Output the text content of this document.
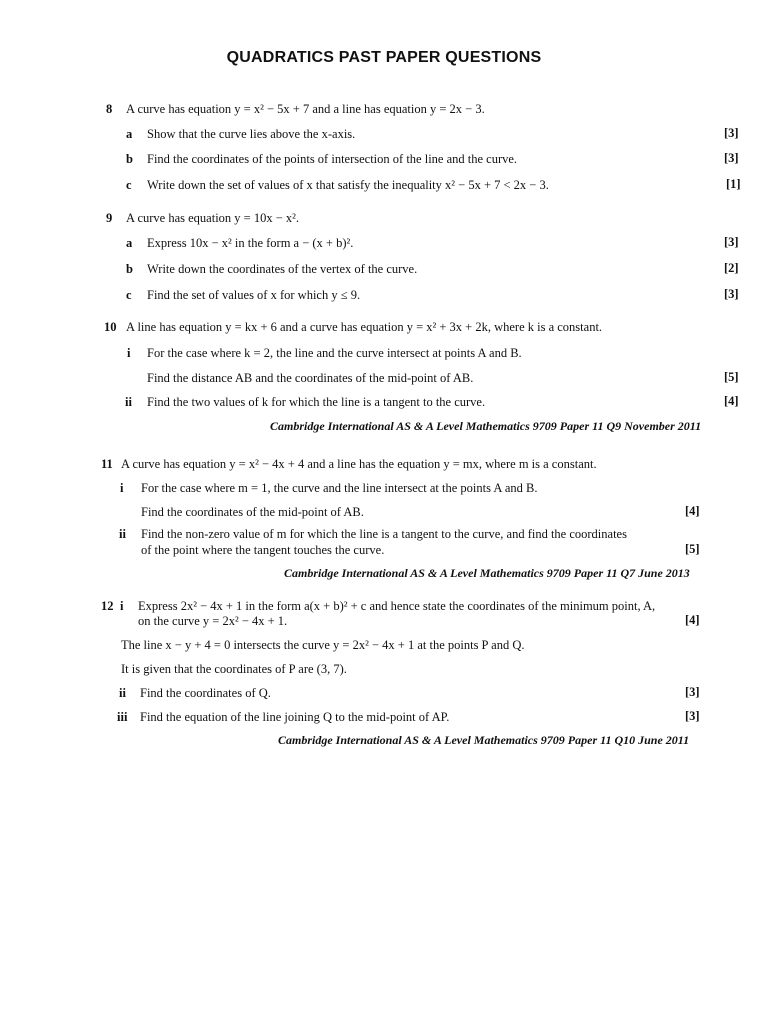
QUADRATICS PAST PAPER QUESTIONS
8 A curve has equation y = x² − 5x + 7 and a line has equation y = 2x − 3.
a Show that the curve lies above the x-axis.	[3]
b Find the coordinates of the points of intersection of the line and the curve.	[3]
c Write down the set of values of x that satisfy the inequality x² − 5x + 7 < 2x − 3.	[1]
9 A curve has equation y = 10x − x².
a Express 10x − x² in the form a − (x + b)².	[3]
b Write down the coordinates of the vertex of the curve.	[2]
c Find the set of values of x for which y ≤ 9.	[3]
10 A line has equation y = kx + 6 and a curve has equation y = x² + 3x + 2k, where k is a constant.
i For the case where k = 2, the line and the curve intersect at points A and B.
Find the distance AB and the coordinates of the mid-point of AB.	[5]
ii Find the two values of k for which the line is a tangent to the curve.	[4]
Cambridge International AS & A Level Mathematics 9709 Paper 11 Q9 November 2011
11 A curve has equation y = x² − 4x + 4 and a line has the equation y = mx, where m is a constant.
i For the case where m = 1, the curve and the line intersect at the points A and B.
Find the coordinates of the mid-point of AB.	[4]
ii Find the non-zero value of m for which the line is a tangent to the curve, and find the coordinates
of the point where the tangent touches the curve.	[5]
Cambridge International AS & A Level Mathematics 9709 Paper 11 Q7 June 2013
12 i Express 2x² − 4x + 1 in the form a(x + b)² + c and hence state the coordinates of the minimum point, A,
on the curve y = 2x² − 4x + 1.	[4]
The line x − y + 4 = 0 intersects the curve y = 2x² − 4x + 1 at the points P and Q.
It is given that the coordinates of P are (3, 7).
ii Find the coordinates of Q.	[3]
iii Find the equation of the line joining Q to the mid-point of AP.	[3]
Cambridge International AS & A Level Mathematics 9709 Paper 11 Q10 June 2011
